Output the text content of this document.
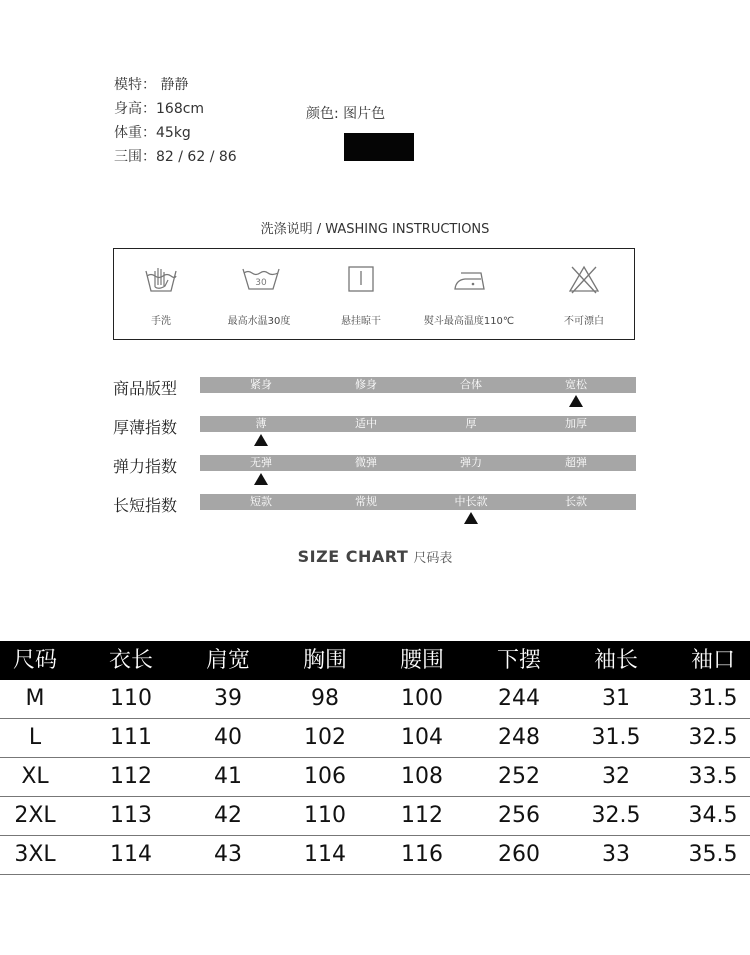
模特： 静静
身高：168cm
体重：45kg
三围：82 / 62 / 86
颜色: 图片色
洗涤说明 / WASHING INSTRUCTIONS
手洗
30
最高水温30度	悬挂晾干	熨斗最高温度110℃	不可漂白
商品版型	紧身	修身	合体	宽松
厚薄指数	薄	适中	厚	加厚
弹力指数	无弹	微弹	弹力	超弹
长短指数	短款	常规	中长款	长款
SIZE CHART 尺码表
尺码	衣长	肩宽	胸围	腰围	下摆	袖长	袖口
M	110	39	98	100	244	31	31.5
L	111	40	102	104	248	31.5	32.5
XL	112	41	106	108	252	32	33.5
2XL	113	42	110	112	256	32.5	34.5
3XL	114	43	114	116	260	33	35.5
